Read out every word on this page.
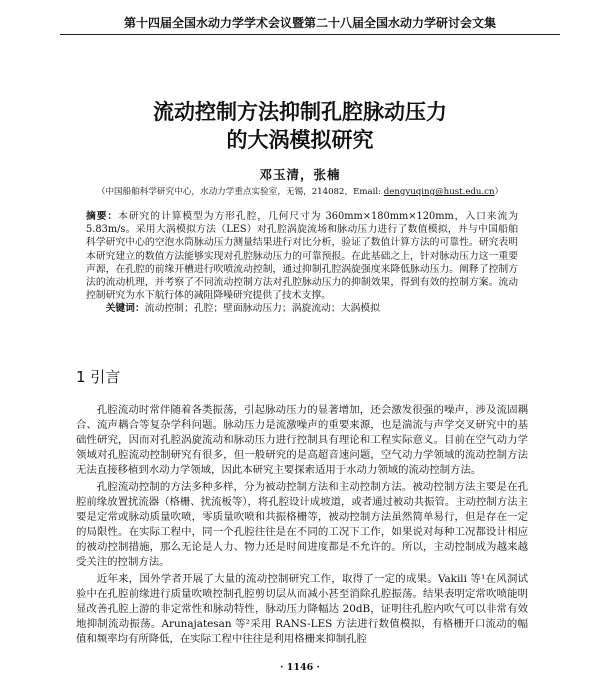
第十四届全国水动力学学术会议暨第二十八届全国水动力学研讨会文集
流动控制方法抑制孔腔脉动压力
的大涡模拟研究
邓玉清，张楠
（中国船舶科学研究中心，水动力学重点实验室，无锡，214082，Email: dengyuqing@hust.edu.cn）
摘要：本研究的计算模型为方形孔腔，几何尺寸为 360mm×180mm×120mm，入口来流为 5.83m/s。采用大涡模拟方法（LES）对孔腔涡旋流场和脉动压力进行了数值模拟，并与中国船舶科学研究中心的空泡水筒脉动压力测量结果进行对比分析，验证了数值计算方法的可靠性。研究表明本研究建立的数值方法能够实现对孔腔脉动压力的可靠预报。在此基础之上，针对脉动压力这一重要声源，在孔腔的前缘开槽进行吹喷流动控制，通过抑制孔腔涡旋强度来降低脉动压力。阐释了控制方法的流动机理，并考察了不同流动控制方法对孔腔脉动压力的抑制效果，得到有效的控制方案。流动控制研究为水下航行体的减阻降噪研究提供了技术支撑。
关键词：流动控制；孔腔；壁面脉动压力；涡旋流动；大涡模拟
1 引言

孔腔流动时常伴随着各类振荡，引起脉动压力的显著增加，还会激发很强的噪声，涉及流固耦合、流声耦合等复杂学科问题。脉动压力是流激噪声的重要来源，也是湍流与声学交叉研究中的基础性研究，因而对孔腔涡旋流动和脉动压力进行控制具有理论和工程实际意义。目前在空气动力学领域对孔腔流动控制研究有很多，但一般研究的是高超音速问题，空气动力学领域的流动控制方法无法直接移植到水动力学领域，因此本研究主要探索适用于水动力领域的流动控制方法。

孔腔流动控制的方法多种多样，分为被动控制方法和主动控制方法。被动控制方法主要是在孔腔前缘放置扰流器（格栅、扰流板等），将孔腔设计成坡道，或者通过被动共振管。主动控制方法主要是定常或脉动质量吹喷，零质量吹喷和共振格栅等，被动控制方法虽然简单易行，但是存在一定的局限性。在实际工程中，同一个孔腔往往是在不同的工况下工作，如果说对每种工况都设计相应的被动控制措施，那么无论是人力、物力还是时间进度都是不允许的。所以，主动控制成为越来越受关注的控制方法。

近年来，国外学者开展了大量的流动控制研究工作，取得了一定的成果。Vakili 等¹在风洞试验中在孔腔前缘进行质量吹喷控制孔腔剪切层从而减小甚至消除孔腔振荡。结果表明定常吹喷能明显改善孔腔上游的非定常性和脉动特性，脉动压力降幅达 20dB，证明往孔腔内吹气可以非常有效地抑制流动振荡。Arunajatesan 等²采用 RANS-LES 方法进行数值模拟，有格栅开口流动的幅值和频率均有所降低，在实际工程中往往是利用格栅来抑制孔腔

· 1146 ·
